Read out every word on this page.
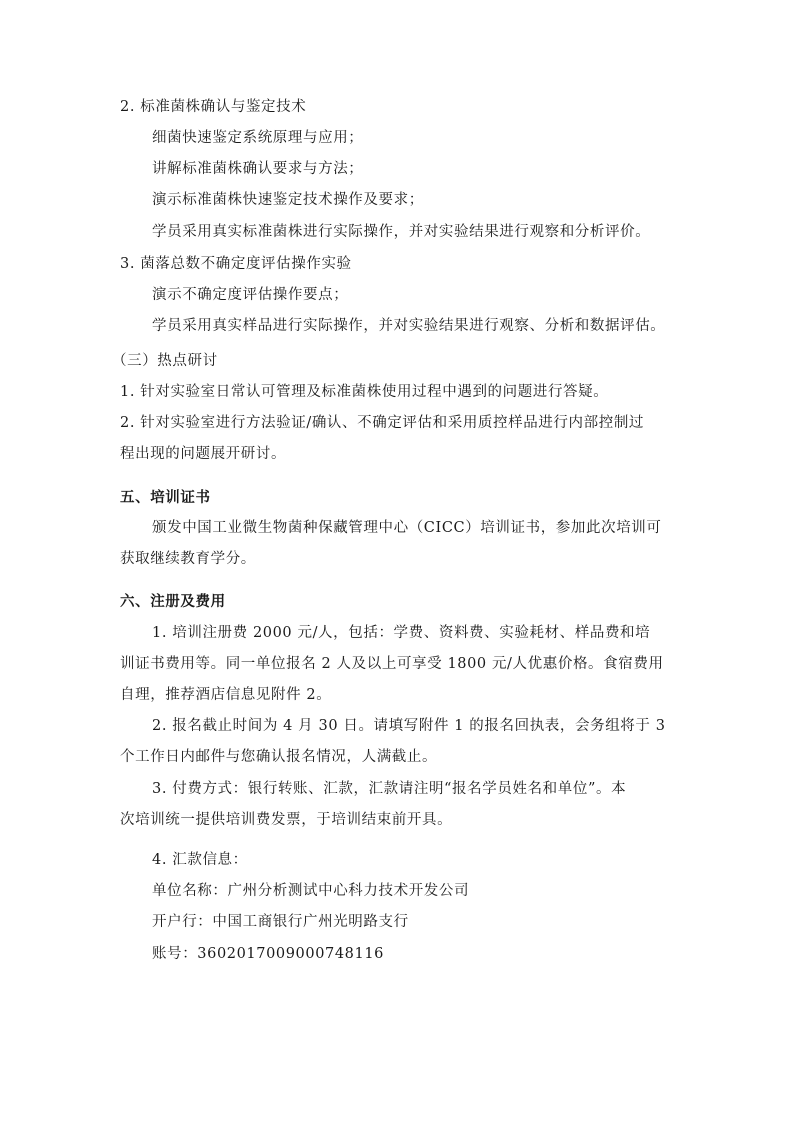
2. 标准菌株确认与鉴定技术
细菌快速鉴定系统原理与应用；
讲解标准菌株确认要求与方法；
演示标准菌株快速鉴定技术操作及要求；
学员采用真实标准菌株进行实际操作，并对实验结果进行观察和分析评价。
3. 菌落总数不确定度评估操作实验
演示不确定度评估操作要点；
学员采用真实样品进行实际操作，并对实验结果进行观察、分析和数据评估。
（三）热点研讨
1. 针对实验室日常认可管理及标准菌株使用过程中遇到的问题进行答疑。
2. 针对实验室进行方法验证/确认、不确定评估和采用质控样品进行内部控制过
程出现的问题展开研讨。
五、培训证书
颁发中国工业微生物菌种保藏管理中心（CICC）培训证书，参加此次培训可
获取继续教育学分。
六、注册及费用
1. 培训注册费 2000 元/人，包括：学费、资料费、实验耗材、样品费和培
训证书费用等。同一单位报名 2 人及以上可享受 1800 元/人优惠价格。食宿费用
自理，推荐酒店信息见附件 2。
2. 报名截止时间为 4 月 30 日。请填写附件 1 的报名回执表，会务组将于 3
个工作日内邮件与您确认报名情况，人满截止。
3. 付费方式：银行转账、汇款，汇款请注明“报名学员姓名和单位”。本
次培训统一提供培训费发票，于培训结束前开具。
4. 汇款信息：
单位名称：广州分析测试中心科力技术开发公司
开户行：中国工商银行广州光明路支行
账号：3602017009000748116
